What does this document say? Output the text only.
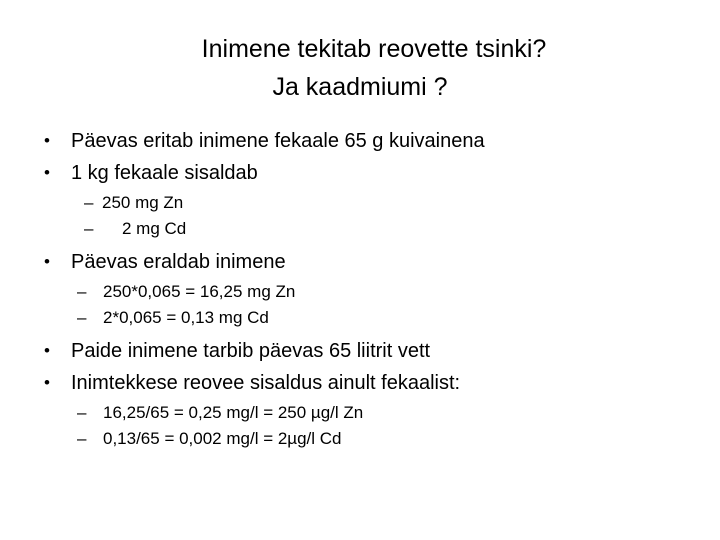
Inimene tekitab reovette tsinki?
Ja kaadmiumi ?
• Päevas eritab inimene fekaale 65 g kuivainena
• 1 kg fekaale sisaldab
– 250 mg Zn
– 2 mg Cd
• Päevas eraldab inimene
– 250*0,065 = 16,25 mg Zn
– 2*0,065 = 0,13 mg Cd
• Paide inimene tarbib päevas 65 liitrit vett
• Inimtekkese reovee sisaldus ainult fekaalist:
– 16,25/65 = 0,25 mg/l = 250 µg/l Zn
– 0,13/65 = 0,002 mg/l = 2µg/l Cd
